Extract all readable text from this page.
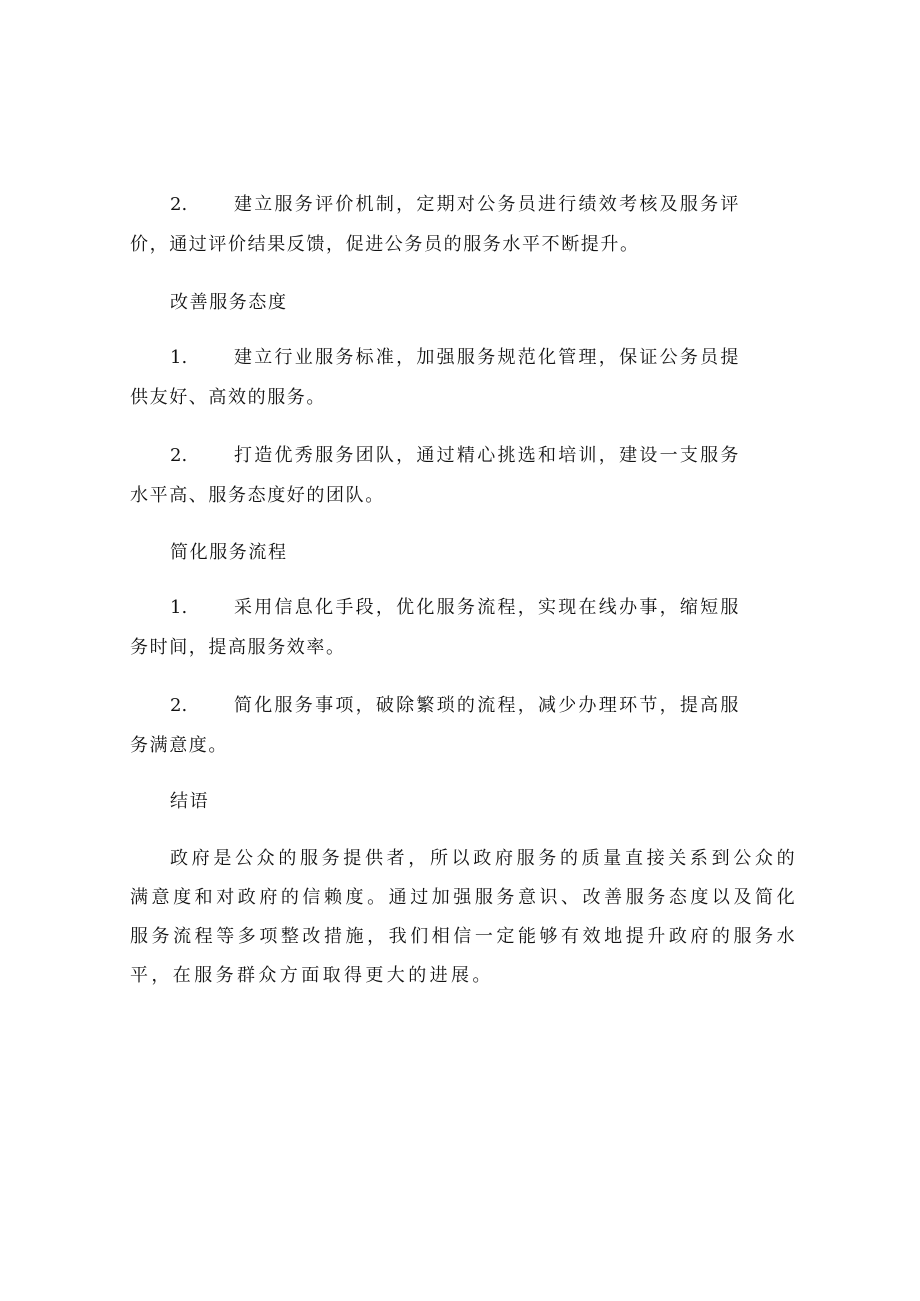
2.	建立服务评价机制，定期对公务员进行绩效考核及服务评价，通过评价结果反馈，促进公务员的服务水平不断提升。
改善服务态度
1.	建立行业服务标准，加强服务规范化管理，保证公务员提供友好、高效的服务。
2.	打造优秀服务团队，通过精心挑选和培训，建设一支服务水平高、服务态度好的团队。
简化服务流程
1.	采用信息化手段，优化服务流程，实现在线办事，缩短服务时间，提高服务效率。
2.	简化服务事项，破除繁琐的流程，减少办理环节，提高服务满意度。
结语
政府是公众的服务提供者，所以政府服务的质量直接关系到公众的满意度和对政府的信赖度。通过加强服务意识、改善服务态度以及简化服务流程等多项整改措施，我们相信一定能够有效地提升政府的服务水平，在服务群众方面取得更大的进展。
